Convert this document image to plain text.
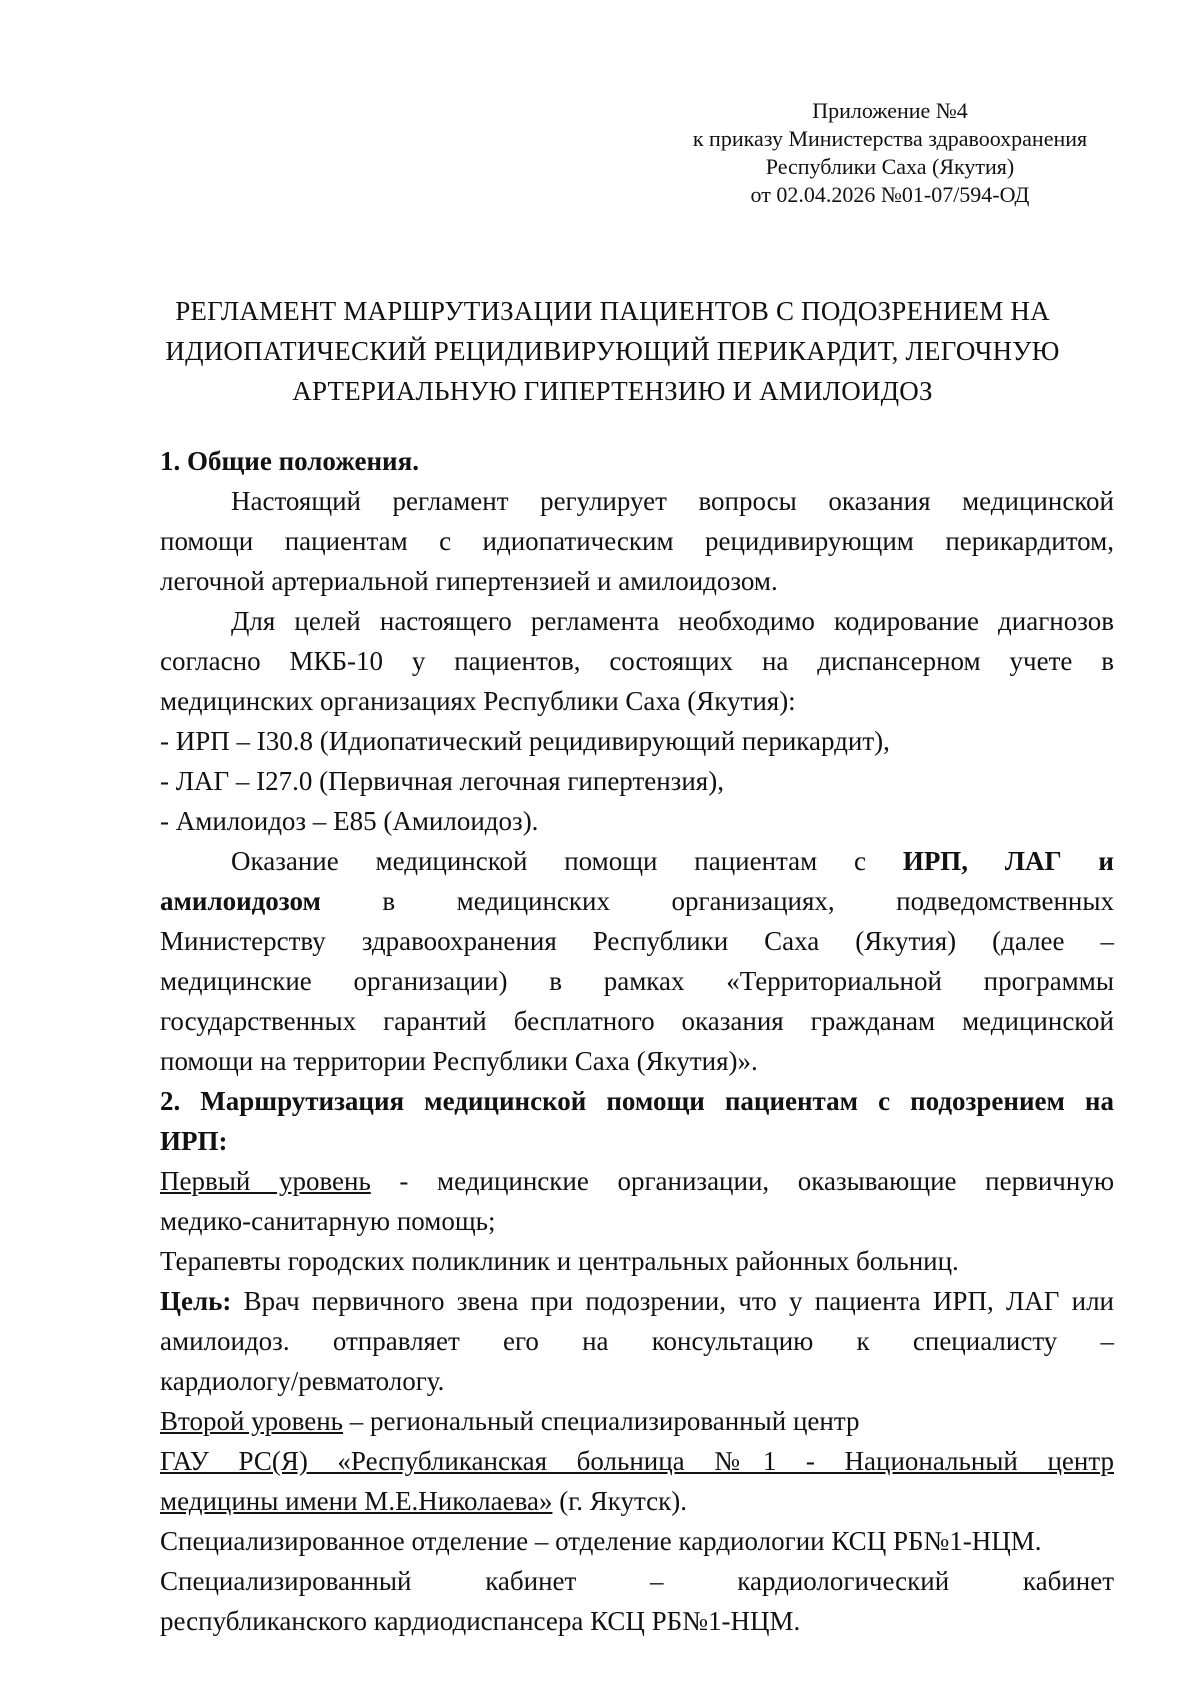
Приложение №4
к приказу Министерства здравоохранения
Республики Саха (Якутия)
от 02.04.2026 №01-07/594-ОД
РЕГЛАМЕНТ МАРШРУТИЗАЦИИ ПАЦИЕНТОВ С ПОДОЗРЕНИЕМ НА
ИДИОПАТИЧЕСКИЙ РЕЦИДИВИРУЮЩИЙ ПЕРИКАРДИТ, ЛЕГОЧНУЮ
АРТЕРИАЛЬНУЮ ГИПЕРТЕНЗИЮ И АМИЛОИДОЗ
1. Общие положения.
Настоящий регламент регулирует вопросы оказания медицинской
помощи пациентам с идиопатическим рецидивирующим перикардитом,
легочной артериальной гипертензией и амилоидозом.
Для целей настоящего регламента необходимо кодирование диагнозов
согласно МКБ-10 у пациентов, состоящих на диспансерном учете в
медицинских организациях Республики Саха (Якутия):
- ИРП – I30.8 (Идиопатический рецидивирующий перикардит),
- ЛАГ – I27.0 (Первичная легочная гипертензия),
- Амилоидоз – E85 (Амилоидоз).
Оказание медицинской помощи пациентам с ИРП, ЛАГ и
амилоидозом в медицинских организациях, подведомственных
Министерству здравоохранения Республики Саха (Якутия) (далее –
медицинские организации) в рамках «Территориальной программы
государственных гарантий бесплатного оказания гражданам медицинской
помощи на территории Республики Саха (Якутия)».
2. Маршрутизация медицинской помощи пациентам с подозрением на
ИРП:
Первый уровень - медицинские организации, оказывающие первичную
медико-санитарную помощь;
Терапевты городских поликлиник и центральных районных больниц.
Цель: Врач первичного звена при подозрении, что у пациента ИРП, ЛАГ или
амилоидоз. отправляет его на консультацию к специалисту –
кардиологу/ревматологу.
Второй уровень – региональный специализированный центр
ГАУ РС(Я) «Республиканская больница №1 - Национальный центр
медицины имени М.Е.Николаева» (г. Якутск).
Специализированное отделение – отделение кардиологии КСЦ РБ№1-НЦМ.
Специализированный кабинет – кардиологический кабинет
республиканского кардиодиспансера КСЦ РБ№1-НЦМ.
